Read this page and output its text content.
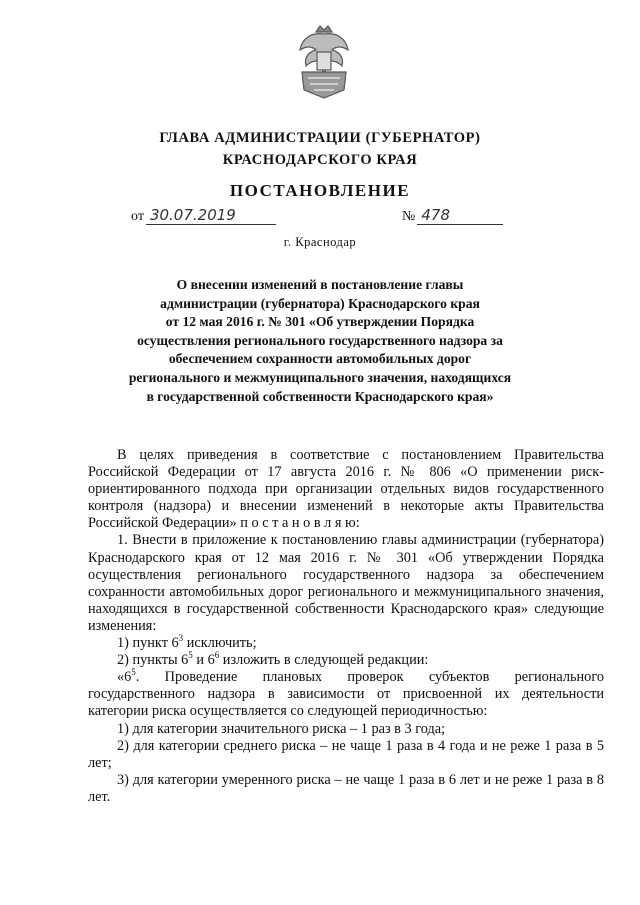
ГЛАВА АДМИНИСТРАЦИИ (ГУБЕРНАТОР)
КРАСНОДАРСКОГО КРАЯ
ПОСТАНОВЛЕНИЕ
от 30.07.2019	№ 478
г. Краснодар
О внесении изменений в постановление главы
администрации (губернатора) Краснодарского края
от 12 мая 2016 г. № 301 «Об утверждении Порядка
осуществления регионального государственного надзора за
обеспечением сохранности автомобильных дорог
регионального и межмуниципального значения, находящихся
в государственной собственности Краснодарского края»

В целях приведения в соответствие с постановлением Правительства Российской Федерации от 17 августа 2016 г. № 806 «О применении риск-ориентированного подхода при организации отдельных видов государственного контроля (надзора) и внесении изменений в некоторые акты Правительства Российской Федерации» п о с т а н о в л я ю:

1. Внести в приложение к постановлению главы администрации (губернатора) Краснодарского края от 12 мая 2016 г. № 301 «Об утверждении Порядка осуществления регионального государственного надзора за обеспечением сохранности автомобильных дорог регионального и межмуниципального значения, находящихся в государственной собственности Краснодарского края» следующие изменения:

1) пункт $6^3$ исключить;

2) пункты $6^5$ и $6^6$ изложить в следующей редакции:

«$6^5$. Проведение плановых проверок субъектов регионального государственного надзора в зависимости от присвоенной их деятельности категории риска осуществляется со следующей периодичностью:

1) для категории значительного риска – 1 раз в 3 года;

2) для категории среднего риска – не чаще 1 раза в 4 года и не реже 1 раза в 5 лет;

3) для категории умеренного риска – не чаще 1 раза в 6 лет и не реже 1 раза в 8 лет.
